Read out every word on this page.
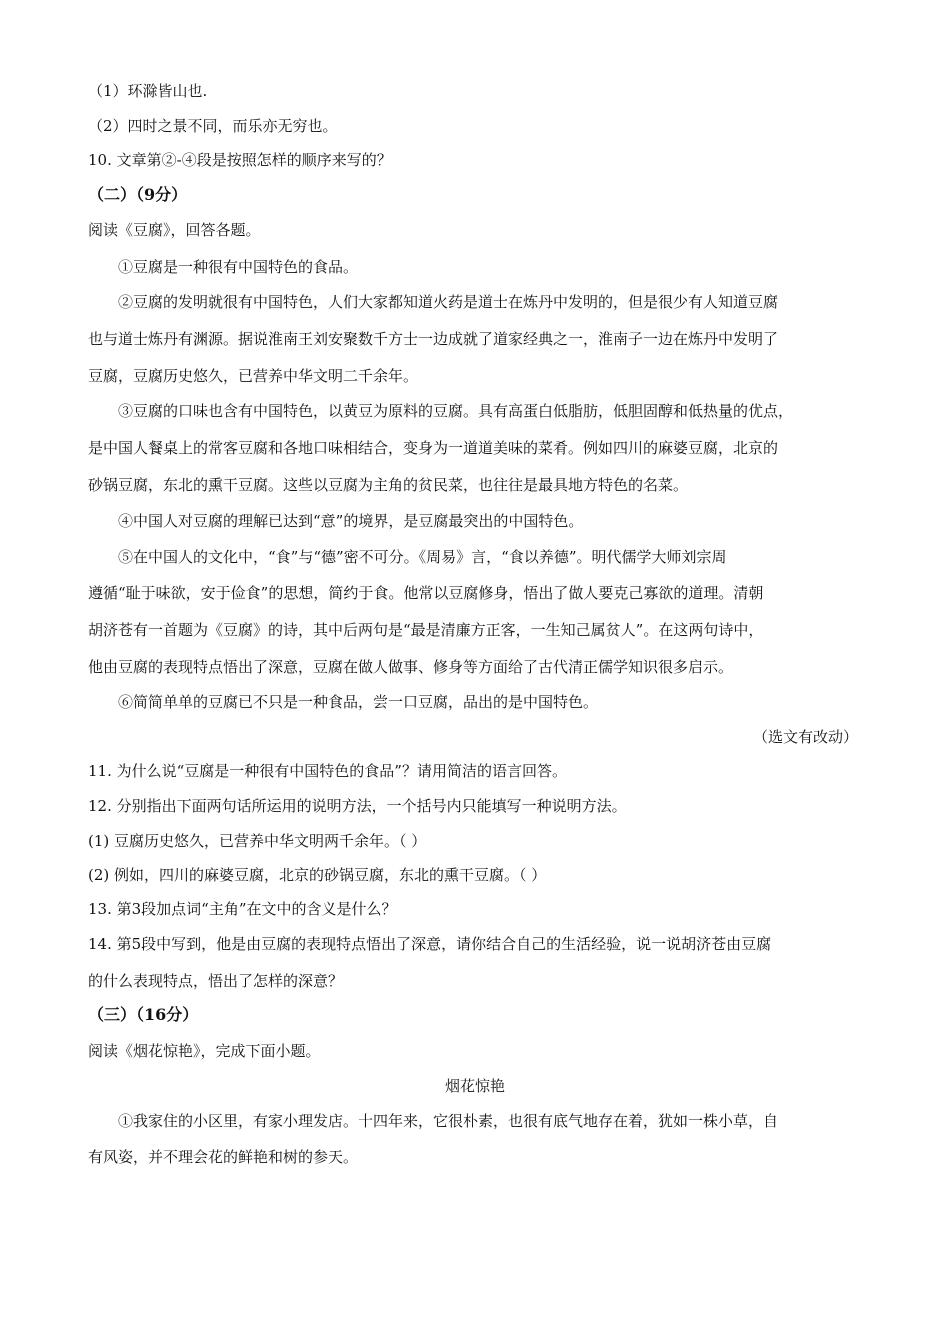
（1）环滁皆山也.
（2）四时之景不同，而乐亦无穷也。
10. 文章第②-④段是按照怎样的顺序来写的？
（二）（9分）
阅读《豆腐》，回答各题。
①豆腐是一种很有中国特色的食品。
②豆腐的发明就很有中国特色，人们大家都知道火药是道士在炼丹中发明的，但是很少有人知道豆腐
也与道士炼丹有渊源。据说淮南王刘安聚数千方士一边成就了道家经典之一，淮南子一边在炼丹中发明了
豆腐，豆腐历史悠久，已营养中华文明二千余年。
③豆腐的口味也含有中国特色，以黄豆为原料的豆腐。具有高蛋白低脂肪，低胆固醇和低热量的优点，
是中国人餐桌上的常客豆腐和各地口味相结合，变身为一道道美味的菜肴。例如四川的麻婆豆腐，北京的
砂锅豆腐，东北的熏干豆腐。这些以豆腐为主角的贫民菜，也往往是最具地方特色的名菜。
④中国人对豆腐的理解已达到“意”的境界，是豆腐最突出的中国特色。
⑤在中国人的文化中，“食”与“德”密不可分。《周易》言，“食以养德”。明代儒学大师刘宗周
遵循“耻于味欲，安于俭食”的思想，简约于食。他常以豆腐修身，悟出了做人要克己寡欲的道理。清朝
胡济苍有一首题为《豆腐》的诗，其中后两句是“最是清廉方正客，一生知己属贫人”。在这两句诗中，
他由豆腐的表现特点悟出了深意，豆腐在做人做事、修身等方面给了古代清正儒学知识很多启示。
⑥简简单单的豆腐已不只是一种食品，尝一口豆腐，品出的是中国特色。
（选文有改动）
11. 为什么说“豆腐是一种很有中国特色的食品”？请用简洁的语言回答。
12. 分别指出下面两句话所运用的说明方法，一个括号内只能填写一种说明方法。
(1) 豆腐历史悠久，已营养中华文明两千余年。（ ）
(2) 例如，四川的麻婆豆腐，北京的砂锅豆腐，东北的熏干豆腐。（ ）
13. 第3段加点词“主角”在文中的含义是什么？
14. 第5段中写到，他是由豆腐的表现特点悟出了深意，请你结合自己的生活经验，说一说胡济苍由豆腐
的什么表现特点，悟出了怎样的深意？
（三）（16分）
阅读《烟花惊艳》，完成下面小题。
烟花惊艳
①我家住的小区里，有家小理发店。十四年来，它很朴素，也很有底气地存在着，犹如一株小草，自
有风姿，并不理会花的鲜艳和树的参天。
